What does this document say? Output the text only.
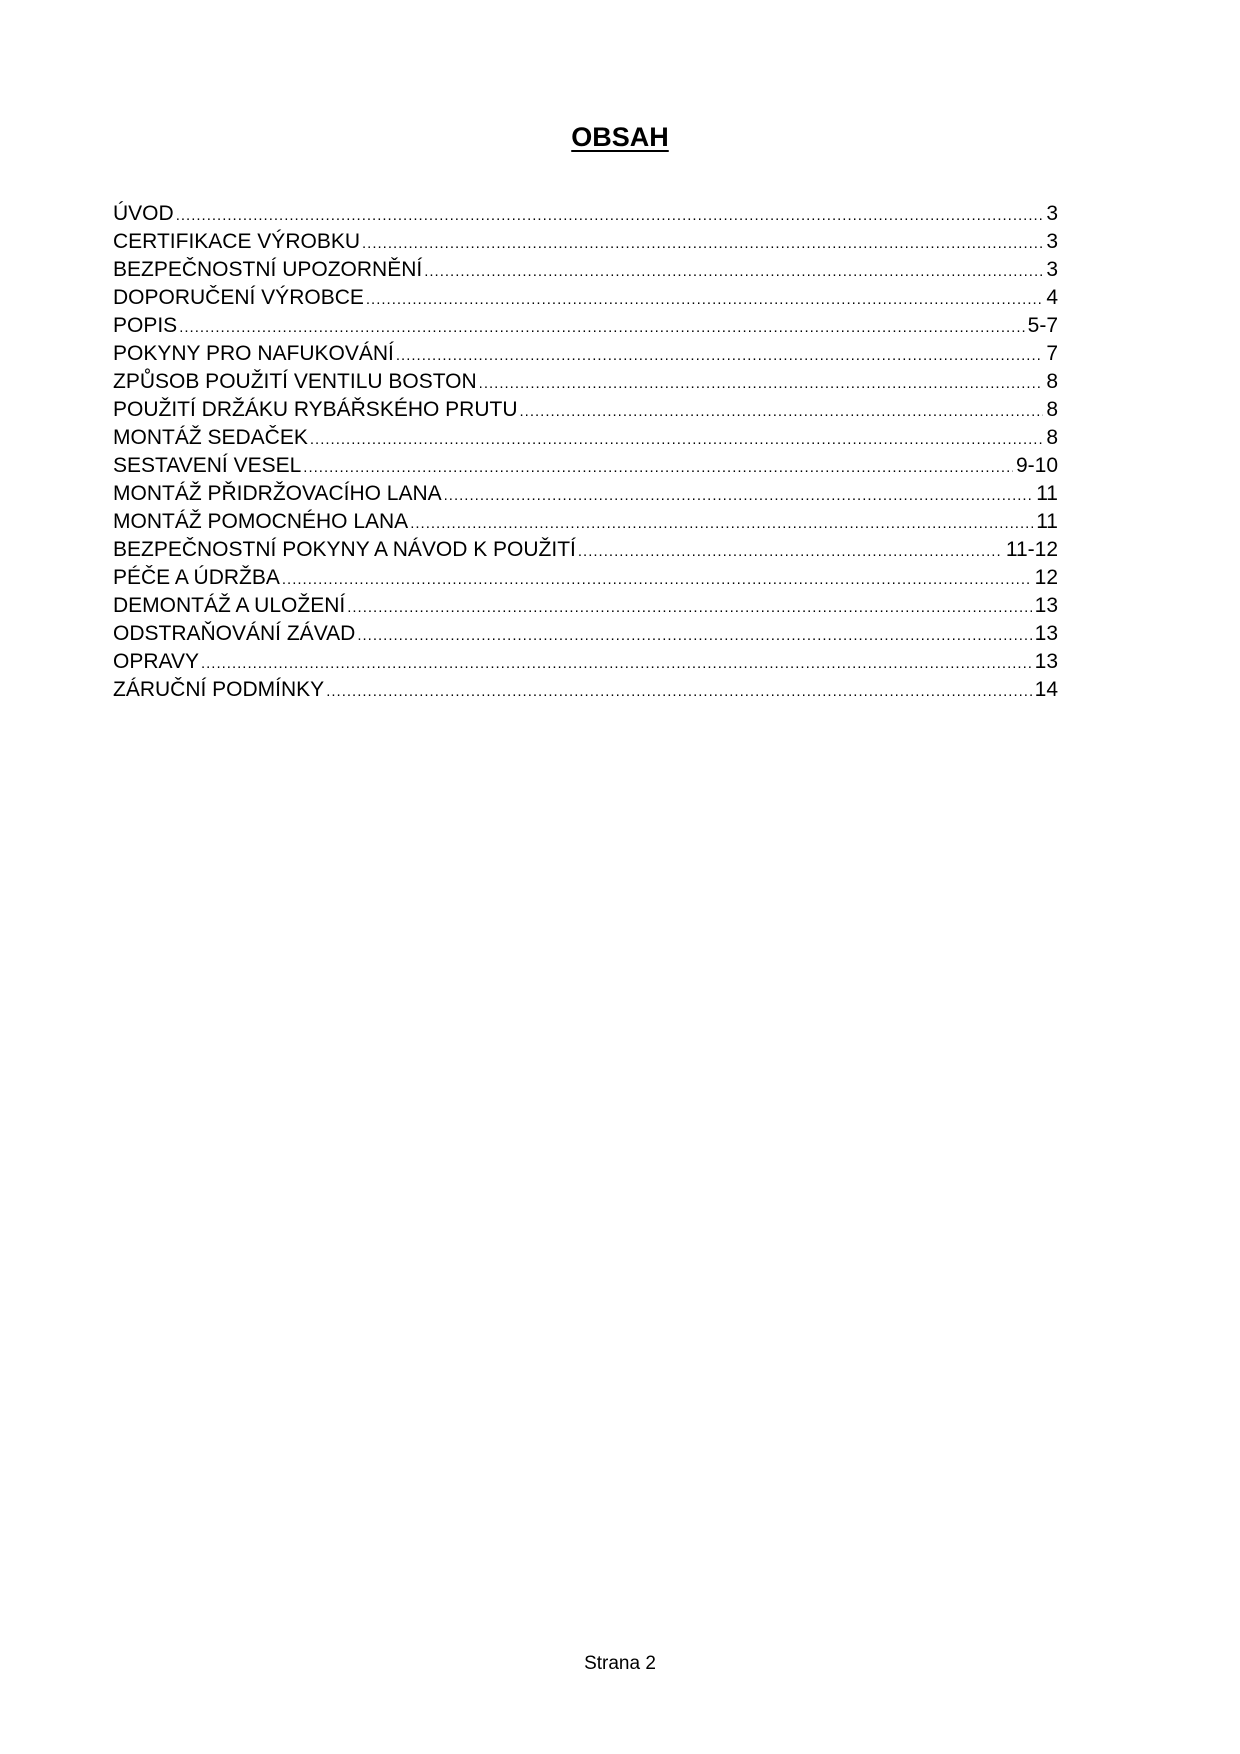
OBSAH
ÚVOD .....	3
CERTIFIKACE VÝROBKU .....	3
BEZPEČNOSTNÍ UPOZORNĚNÍ .....	3
DOPORUČENÍ VÝROBCE .....	4
POPIS .....	5-7
POKYNY PRO NAFUKOVÁNÍ .....	7
ZPŮSOB POUŽITÍ VENTILU BOSTON .....	8
POUŽITÍ DRŽÁKU RYBÁŘSKÉHO PRUTU .....	8
MONTÁŽ SEDAČEK .....	8
SESTAVENÍ VESEL .....	9-10
MONTÁŽ PŘIDRŽOVACÍHO LANA .....	11
MONTÁŽ POMOCNÉHO LANA .....	11
BEZPEČNOSTNÍ POKYNY A NÁVOD K POUŽITÍ .....	11-12
PÉČE A ÚDRŽBA .....	12
DEMONTÁŽ A ULOŽENÍ .....	13
ODSTRAŇOVÁNÍ ZÁVAD .....	13
OPRAVY .....	13
ZÁRUČNÍ PODMÍNKY .....	14
Strana 2
